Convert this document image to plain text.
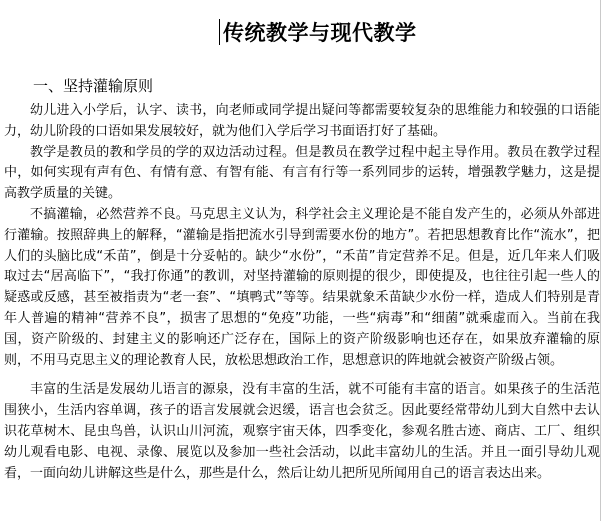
传统教学与现代教学
一、坚持灌输原则

幼儿进入小学后，认字、读书，向老师或同学提出疑问等都需要较复杂的思维能力和较强的口语能力，幼儿阶段的口语如果发展较好，就为他们入学后学习书面语打好了基础。

教学是教员的教和学员的学的双边活动过程。但是教员在教学过程中起主导作用。教员在教学过程中，如何实现有声有色、有情有意、有智有能、有言有行等一系列同步的运转，增强教学魅力，这是提高教学质量的关键。

不搞灌输，必然营养不良。马克思主义认为，科学社会主义理论是不能自发产生的，必须从外部进行灌输。按照辞典上的解释，“灌输是指把流水引导到需要水份的地方”。若把思想教育比作“流水”，把人们的头脑比成“禾苗”，倒是十分妥帖的。缺少“水份”，“禾苗”肯定营养不足。但是，近几年来人们吸取过去“居高临下”，“我打你通”的教训，对坚持灌输的原则提的很少，即使提及，也往往引起一些人的疑惑或反感，甚至被指责为“老一套”、“填鸭式”等等。结果就象禾苗缺少水份一样，造成人们特别是青年人普遍的精神“营养不良”，损害了思想的“免疫”功能，一些“病毒”和“细菌”就乘虚而入。当前在我国，资产阶级的、封建主义的影响还广泛存在，国际上的资产阶级影响也还存在，如果放弃灌输的原则，不用马克思主义的理论教育人民，放松思想政治工作，思想意识的阵地就会被资产阶级占领。

丰富的生活是发展幼儿语言的源泉，没有丰富的生活，就不可能有丰富的语言。如果孩子的生活范围狭小，生活内容单调，孩子的语言发展就会迟缓，语言也会贫乏。因此要经常带幼儿到大自然中去认识花草树木、昆虫鸟兽，认识山川河流，观察宇宙天体，四季变化，参观名胜古迹、商店、工厂、组织幼儿观看电影、电视、录像、展览以及参加一些社会活动，以此丰富幼儿的生活。并且一面引导幼儿观看，一面向幼儿讲解这些是什么，那些是什么，然后让幼儿把所见所闻用自己的语言表达出来。
